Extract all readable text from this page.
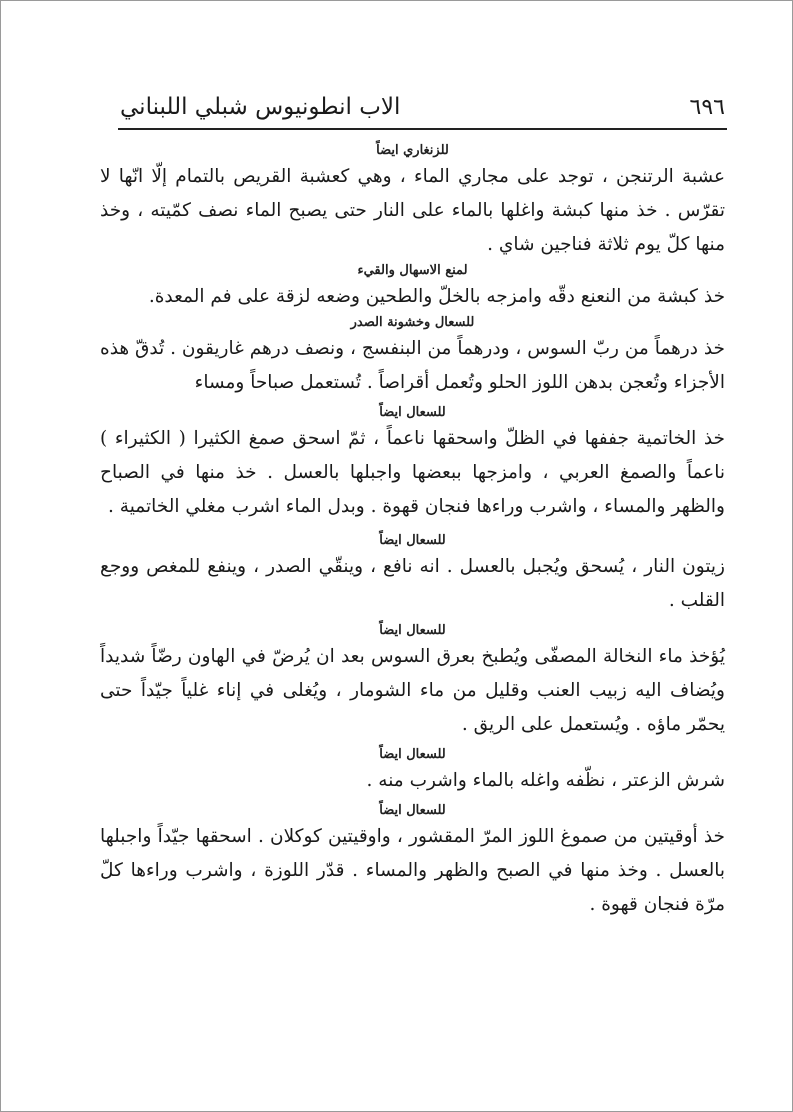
٦٩٦
الاب انطونيوس شبلي اللبناني
للزنغاري ايضاً

عشبة الرتنجن ، توجد على مجاري الماء ، وهي كعشبة القريص بالتمام إلّا انّها لا تقرّس . خذ منها كبشة واغلها بالماء على النار حتى يصبح الماء نصف كمّيته ، وخذ منها كلّ يوم ثلاثة فناجين شاي .

لمنع الاسهال والقيء

خذ كبشة من النعنع دقّه وامزجه بالخلّ والطحين وضعه لزقة على فم المعدة.

للسعال وخشونة الصدر

خذ درهماً من ربّ السوس ، ودرهماً من البنفسج ، ونصف درهم غاريقون . تُدقّ هذه الأجزاء وتُعجن بدهن اللوز الحلو وتُعمل أقراصاً . تُستعمل صباحاً ومساء

للسعال ايضاً

خذ الخاتمية جففها في الظلّ واسحقها ناعماً ، ثمّ اسحق صمغ الكثيرا ( الكثيراء ) ناعماً والصمغ العربي ، وامزجها ببعضها واجبلها بالعسل . خذ منها في الصباح والظهر والمساء ، واشرب وراءها فنجان قهوة . وبدل الماء اشرب مغلي الخاتمية .

للسعال ايضاً

زيتون النار ، يُسحق ويُجبل بالعسل . انه نافع ، وينقّي الصدر ، وينفع للمغص ووجع القلب .

للسعال ايضاً

يُؤخذ ماء النخالة المصفّى ويُطبخ بعرق السوس بعد ان يُرضّ في الهاون رضّاً شديداً ويُضاف اليه زبيب العنب وقليل من ماء الشومار ، ويُغلى في إناء غلياً جيّداً حتى يحمّر ماؤه . ويُستعمل على الريق .

للسعال ايضاً

شرش الزعتر ، نظّفه واغله بالماء واشرب منه .

للسعال ايضاً

خذ أوقيتين من صموغ اللوز المرّ المقشور ، واوقيتين كوكلان . اسحقها جيّداً واجبلها بالعسل . وخذ منها في الصبح والظهر والمساء . قدّر اللوزة ، واشرب وراءها كلّ مرّة فنجان قهوة .
